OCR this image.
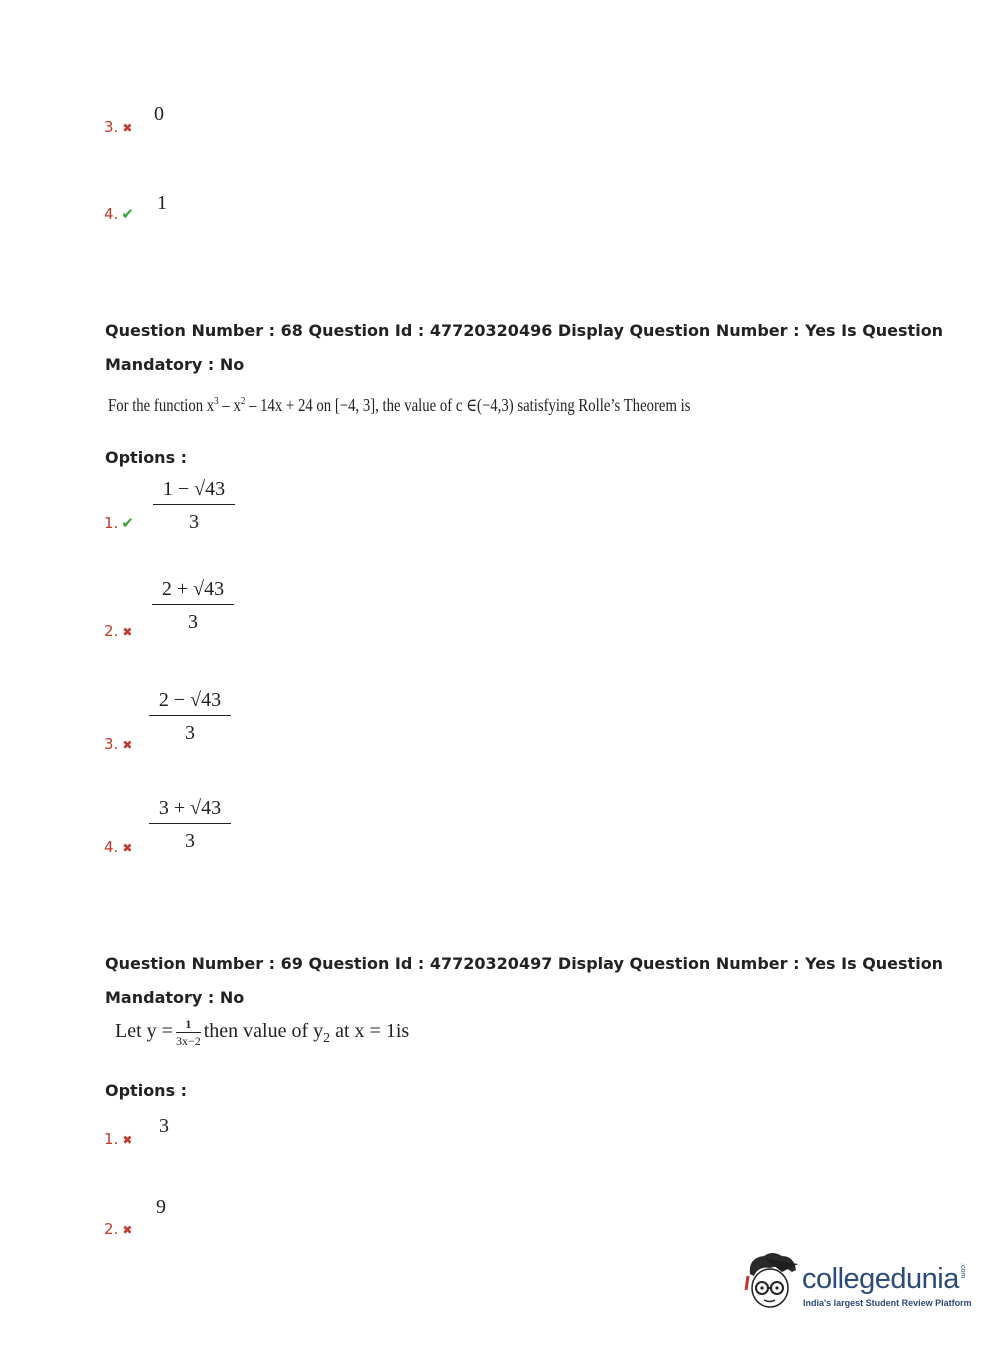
3. ✖
0
4. ✔ 1
Question Number : 68 Question Id : 47720320496 Display Question Number : Yes Is Question
Mandatory : No
For the function $x^3 - x^2 - 14x + 24$ on [−4, 3], the value of c ∈(−4,3) satisfying Rolle’s Theorem is
Options :
1. ✔ $\frac{1 - √43}{3}$
2. ✖ $\frac{2 + √43}{3}$
3. ✖ $\frac{2 - √43}{3}$
4. ✖ $\frac{3 + √43}{3}$
Question Number : 69 Question Id : 47720320497 Display Question Number : Yes Is Question
Mandatory : No
Let $y = \frac{1}{3x-2}$ then value of $y_2$ at x = 1is
Options :
1. ✖
3
2. ✖
9
collegedunia.com
India's largest Student Review Platform
